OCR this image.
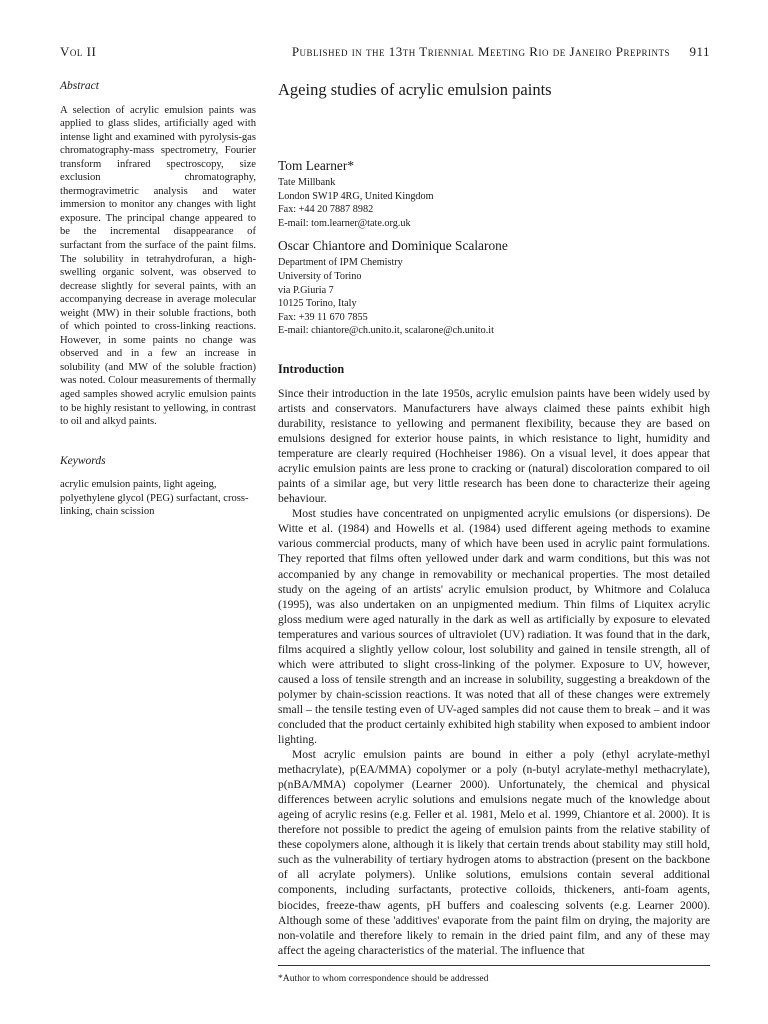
Vol II	Published in the 13th Triennial Meeting Rio de Janeiro Preprints 911
Abstract

A selection of acrylic emulsion paints was applied to glass slides, artificially aged with intense light and examined with pyrolysis-gas chromatography-mass spectrometry, Fourier transform infrared spectroscopy, size exclusion chromatography, thermogravimetric analysis and water immersion to monitor any changes with light exposure. The principal change appeared to be the incremental disappearance of surfactant from the surface of the paint films. The solubility in tetrahydrofuran, a high-swelling organic solvent, was observed to decrease slightly for several paints, with an accompanying decrease in average molecular weight (MW) in their soluble fractions, both of which pointed to cross-linking reactions. However, in some paints no change was observed and in a few an increase in solubility (and MW of the soluble fraction) was noted. Colour measurements of thermally aged samples showed acrylic emulsion paints to be highly resistant to yellowing, in contrast to oil and alkyd paints.

Keywords

acrylic emulsion paints, light ageing, polyethylene glycol (PEG) surfactant, cross-linking, chain scission

Ageing studies of acrylic emulsion paints
Tom Learner*
Tate Millbank
London SW1P 4RG, United Kingdom
Fax: +44 20 7887 8982
E-mail: tom.learner@tate.org.uk
Oscar Chiantore and Dominique Scalarone
Department of IPM Chemistry
University of Torino
via P.Giuria 7
10125 Torino, Italy
Fax: +39 11 670 7855
E-mail: chiantore@ch.unito.it, scalarone@ch.unito.it
Introduction

Since their introduction in the late 1950s, acrylic emulsion paints have been widely used by artists and conservators. Manufacturers have always claimed these paints exhibit high durability, resistance to yellowing and permanent flexibility, because they are based on emulsions designed for exterior house paints, in which resistance to light, humidity and temperature are clearly required (Hochheiser 1986). On a visual level, it does appear that acrylic emulsion paints are less prone to cracking or (natural) discoloration compared to oil paints of a similar age, but very little research has been done to characterize their ageing behaviour.

Most studies have concentrated on unpigmented acrylic emulsions (or dispersions). De Witte et al. (1984) and Howells et al. (1984) used different ageing methods to examine various commercial products, many of which have been used in acrylic paint formulations. They reported that films often yellowed under dark and warm conditions, but this was not accompanied by any change in removability or mechanical properties. The most detailed study on the ageing of an artists' acrylic emulsion product, by Whitmore and Colaluca (1995), was also undertaken on an unpigmented medium. Thin films of Liquitex acrylic gloss medium were aged naturally in the dark as well as artificially by exposure to elevated temperatures and various sources of ultraviolet (UV) radiation. It was found that in the dark, films acquired a slightly yellow colour, lost solubility and gained in tensile strength, all of which were attributed to slight cross-linking of the polymer. Exposure to UV, however, caused a loss of tensile strength and an increase in solubility, suggesting a breakdown of the polymer by chain-scission reactions. It was noted that all of these changes were extremely small – the tensile testing even of UV-aged samples did not cause them to break – and it was concluded that the product certainly exhibited high stability when exposed to ambient indoor lighting.

Most acrylic emulsion paints are bound in either a poly (ethyl acrylate-methyl methacrylate), p(EA/MMA) copolymer or a poly (n-butyl acrylate-methyl methacrylate), p(nBA/MMA) copolymer (Learner 2000). Unfortunately, the chemical and physical differences between acrylic solutions and emulsions negate much of the knowledge about ageing of acrylic resins (e.g. Feller et al. 1981, Melo et al. 1999, Chiantore et al. 2000). It is therefore not possible to predict the ageing of emulsion paints from the relative stability of these copolymers alone, although it is likely that certain trends about stability may still hold, such as the vulnerability of tertiary hydrogen atoms to abstraction (present on the backbone of all acrylate polymers). Unlike solutions, emulsions contain several additional components, including surfactants, protective colloids, thickeners, anti-foam agents, biocides, freeze-thaw agents, pH buffers and coalescing solvents (e.g. Learner 2000). Although some of these 'additives' evaporate from the paint film on drying, the majority are non-volatile and therefore likely to remain in the dried paint film, and any of these may affect the ageing characteristics of the material. The influence that

*Author to whom correspondence should be addressed
